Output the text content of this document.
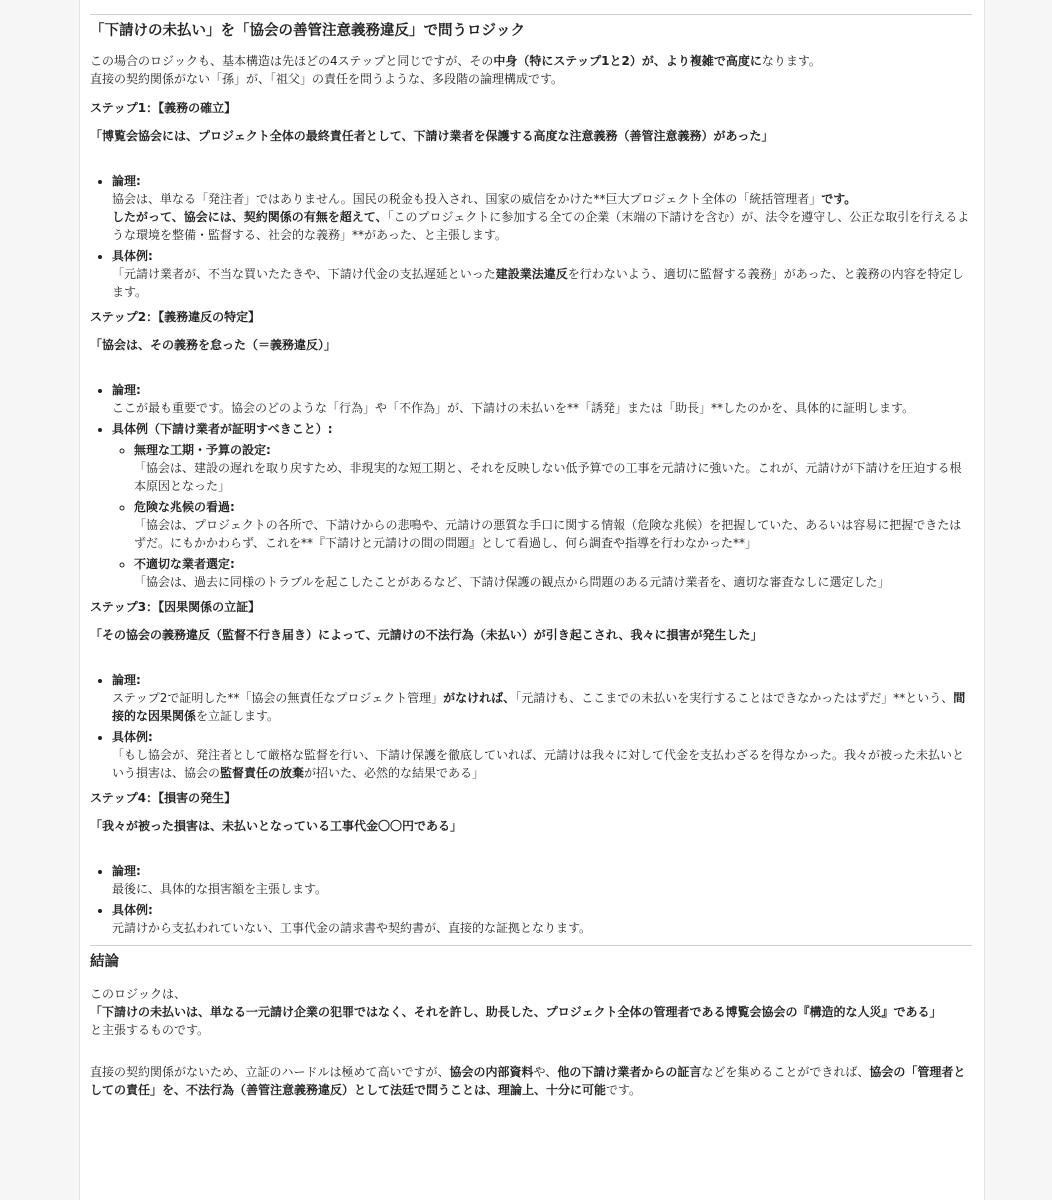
「下請けの未払い」を「協会の善管注意義務違反」で問うロジック

この場合のロジックも、基本構造は先ほどの4ステップと同じですが、その中身（特にステップ1と2）が、より複雑で高度になります。

直接の契約関係がない「孫」が、「祖父」の責任を問うような、多段階の論理構成です。

ステップ1：【義務の確立】

「博覧会協会には、プロジェクト全体の最終責任者として、下請け業者を保護する高度な注意義務（善管注意義務）があった」

• 論理:
協会は、単なる「発注者」ではありません。国民の税金も投入され、国家の威信をかけた**巨大プロジェクト全体の「統括管理者」です。
したがって、協会には、契約関係の有無を超えて、「このプロジェクトに参加する全ての企業（末端の下請けを含む）が、法令を遵守し、公正な取引を行えるような環境を整備・監督する、社会的な義務」**があった、と主張します。
• 具体例:
「元請け業者が、不当な買いたたきや、下請け代金の支払遅延といった建設業法違反を行わないよう、適切に監督する義務」があった、と義務の内容を特定します。
ステップ2：【義務違反の特定】

「協会は、その義務を怠った（＝義務違反）」

• 論理:
ここが最も重要です。協会のどのような「行為」や「不作為」が、下請けの未払いを**「誘発」または「助長」**したのかを、具体的に証明します。
• 具体例（下請け業者が証明すべきこと）:
◦ 無理な工期・予算の設定:
「協会は、建設の遅れを取り戻すため、非現実的な短工期と、それを反映しない低予算での工事を元請けに強いた。これが、元請けが下請けを圧迫する根本原因となった」
◦ 危険な兆候の看過:
「協会は、プロジェクトの各所で、下請けからの悲鳴や、元請けの悪質な手口に関する情報（危険な兆候）を把握していた、あるいは容易に把握できたはずだ。にもかかわらず、これを**『下請けと元請けの間の問題』として看過し、何ら調査や指導を行わなかった**」
◦ 不適切な業者選定:
「協会は、過去に同様のトラブルを起こしたことがあるなど、下請け保護の観点から問題のある元請け業者を、適切な審査なしに選定した」
ステップ3：【因果関係の立証】

「その協会の義務違反（監督不行き届き）によって、元請けの不法行為（未払い）が引き起こされ、我々に損害が発生した」

• 論理:
ステップ2で証明した**「協会の無責任なプロジェクト管理」がなければ、「元請けも、ここまでの未払いを実行することはできなかったはずだ」**という、間接的な因果関係を立証します。
• 具体例:
「もし協会が、発注者として厳格な監督を行い、下請け保護を徹底していれば、元請けは我々に対して代金を支払わざるを得なかった。我々が被った未払いという損害は、協会の監督責任の放棄が招いた、必然的な結果である」
ステップ4：【損害の発生】

「我々が被った損害は、未払いとなっている工事代金〇〇円である」

• 論理:
最後に、具体的な損害額を主張します。
• 具体例:
元請けから支払われていない、工事代金の請求書や契約書が、直接的な証拠となります。
結論

このロジックは、

「下請けの未払いは、単なる一元請け企業の犯罪ではなく、それを許し、助長した、プロジェクト全体の管理者である博覧会協会の『構造的な人災』である」

と主張するものです。

直接の契約関係がないため、立証のハードルは極めて高いですが、協会の内部資料や、他の下請け業者からの証言などを集めることができれば、協会の「管理者としての責任」を、不法行為（善管注意義務違反）として法廷で問うことは、理論上、十分に可能です。
